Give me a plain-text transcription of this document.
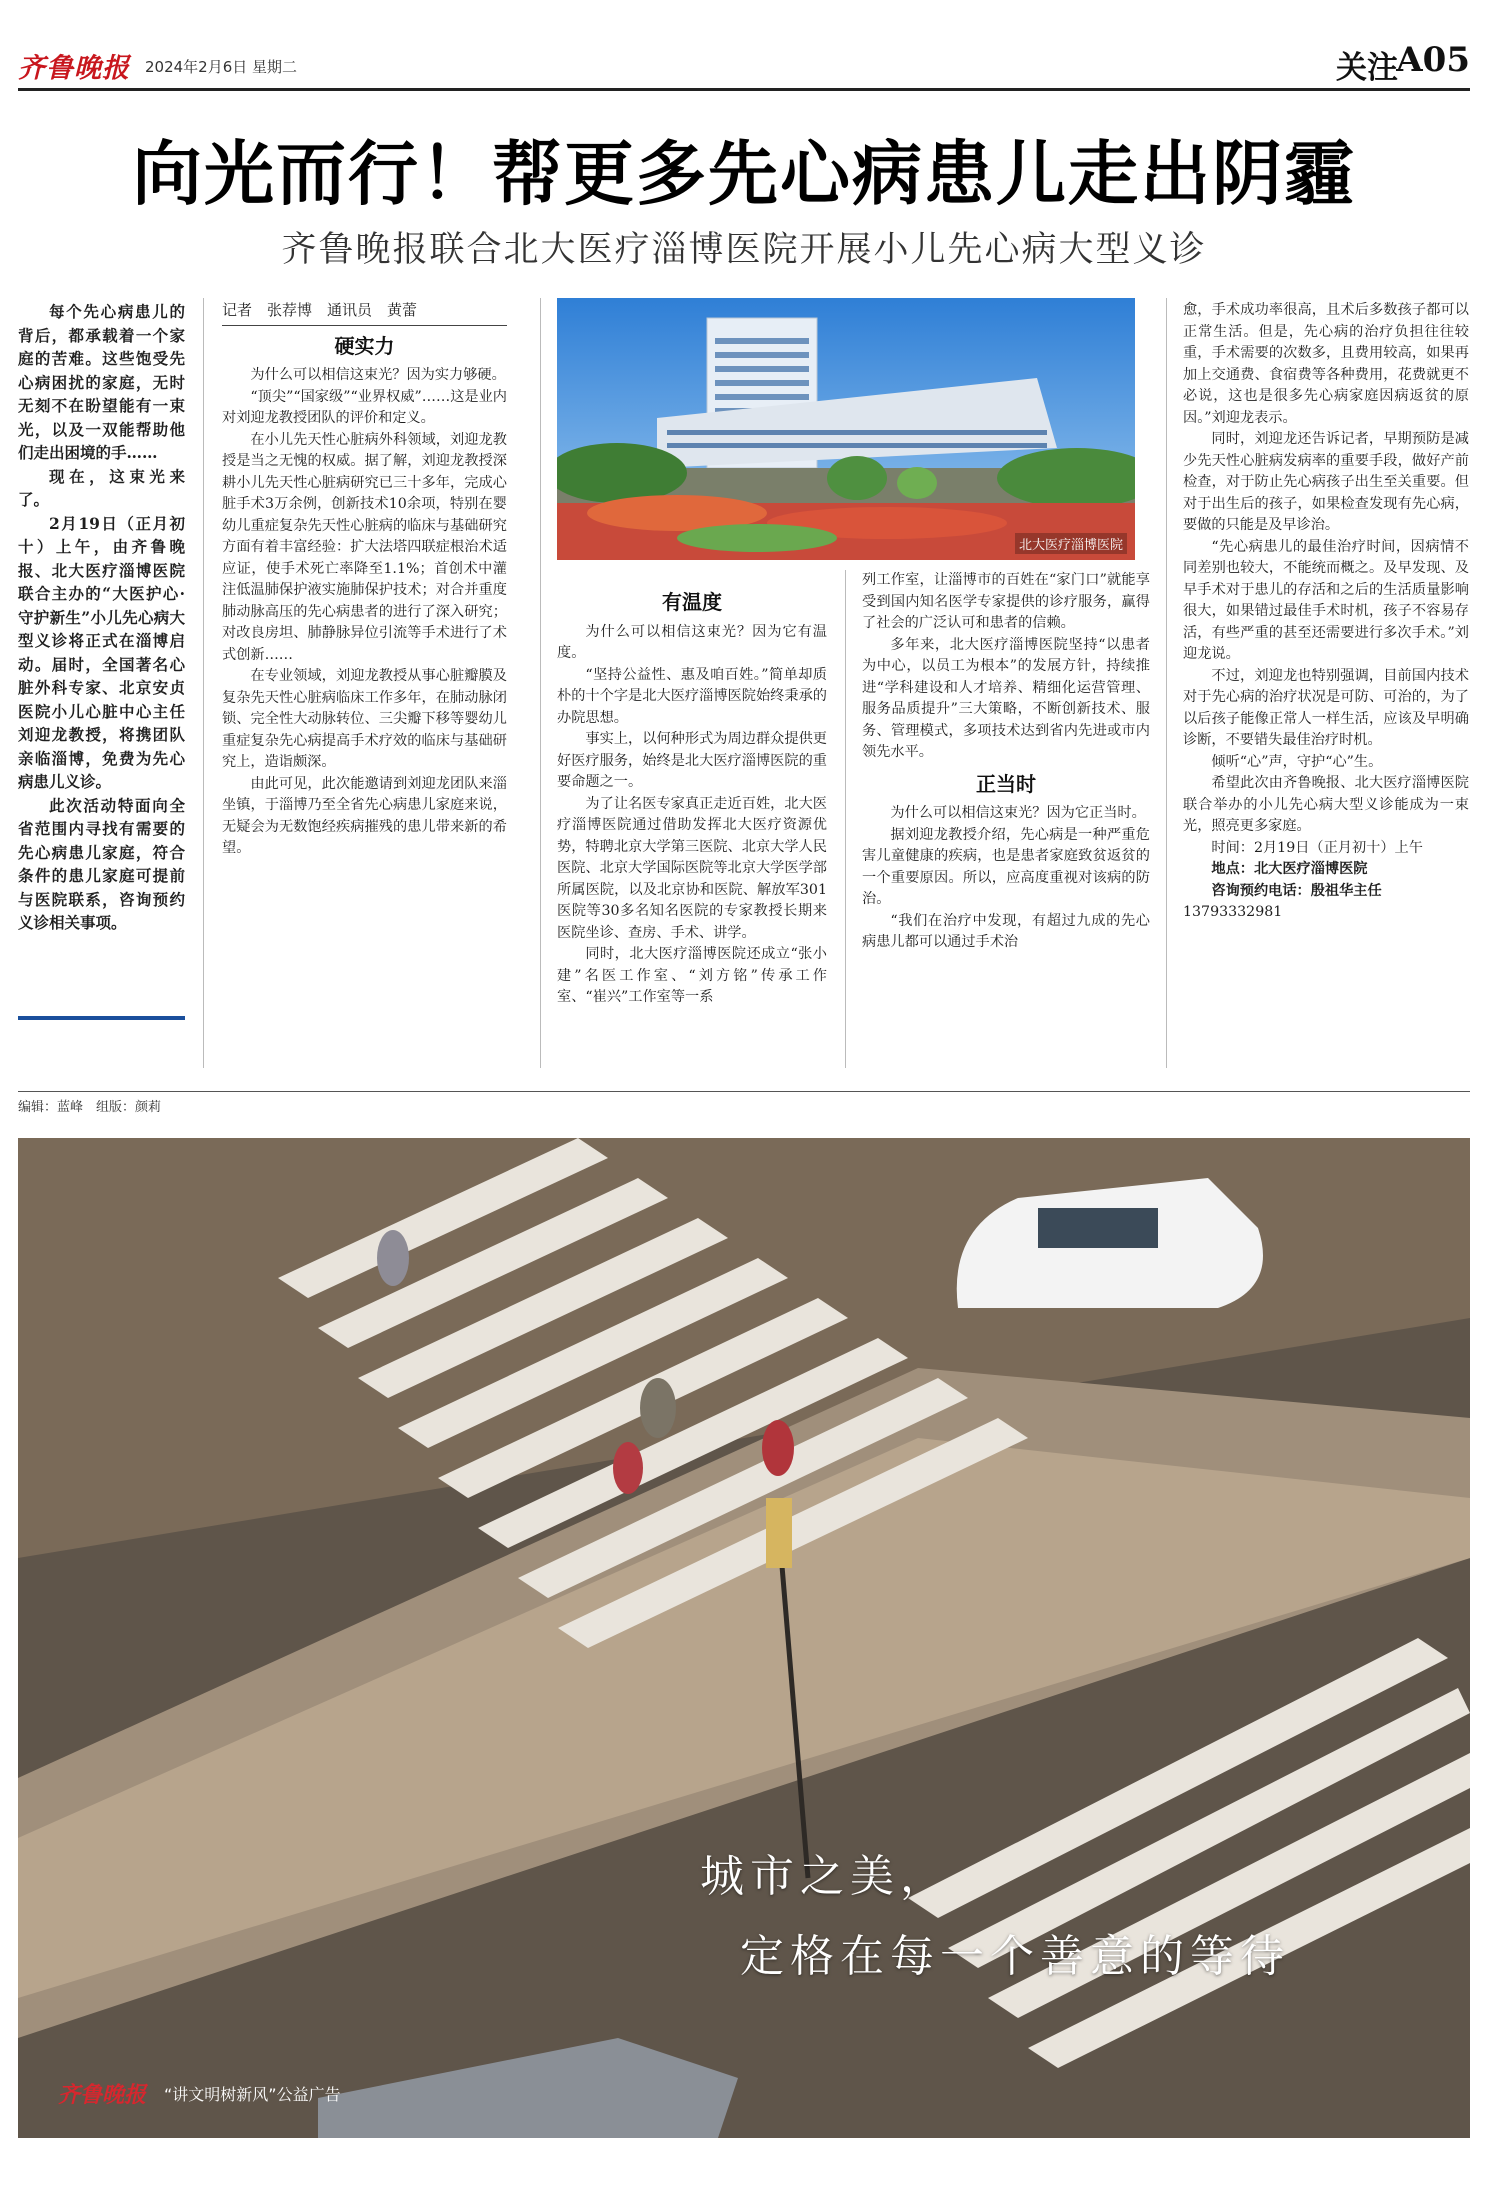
齐鲁晚报 2024年2月6日 星期二	关注
A05
向光而行！帮更多先心病患儿走出阴霾
齐鲁晚报联合北大医疗淄博医院开展小儿先心病大型义诊

每个先心病患儿的背后，都承载着一个家庭的苦难。这些饱受先心病困扰的家庭，无时无刻不在盼望能有一束光，以及一双能帮助他们走出困境的手……

现在，这束光来了。

2月19日（正月初十）上午，由齐鲁晚报、北大医疗淄博医院联合主办的“大医护心·守护新生”小儿先心病大型义诊将正式在淄博启动。届时，全国著名心脏外科专家、北京安贞医院小儿心脏中心主任刘迎龙教授，将携团队亲临淄博，免费为先心病患儿义诊。

此次活动特面向全省范围内寻找有需要的先心病患儿家庭，符合条件的患儿家庭可提前与医院联系，咨询预约义诊相关事项。

记者　张荐博　通讯员　黄蕾

硬实力

为什么可以相信这束光？因为实力够硬。

“顶尖”“国家级”“业界权威”……这是业内对刘迎龙教授团队的评价和定义。

在小儿先天性心脏病外科领域，刘迎龙教授是当之无愧的权威。据了解，刘迎龙教授深耕小儿先天性心脏病研究已三十多年，完成心脏手术3万余例，创新技术10余项，特别在婴幼儿重症复杂先天性心脏病的临床与基础研究方面有着丰富经验：扩大法塔四联症根治术适应证，使手术死亡率降至1.1%；首创术中灌注低温肺保护液实施肺保护技术；对合并重度肺动脉高压的先心病患者的进行了深入研究；对改良房坦、肺静脉异位引流等手术进行了术式创新……

在专业领域，刘迎龙教授从事心脏瓣膜及复杂先天性心脏病临床工作多年，在肺动脉闭锁、完全性大动脉转位、三尖瓣下移等婴幼儿重症复杂先心病提高手术疗效的临床与基础研究上，造诣颇深。

由此可见，此次能邀请到刘迎龙团队来淄坐镇，于淄博乃至全省先心病患儿家庭来说，无疑会为无数饱经疾病摧残的患儿带来新的希望。

北大医疗淄博医院
有温度

为什么可以相信这束光？因为它有温度。

“坚持公益性、惠及咱百姓。”简单却质朴的十个字是北大医疗淄博医院始终秉承的办院思想。

事实上，以何种形式为周边群众提供更好医疗服务，始终是北大医疗淄博医院的重要命题之一。

为了让名医专家真正走近百姓，北大医疗淄博医院通过借助发挥北大医疗资源优势，特聘北京大学第三医院、北京大学人民医院、北京大学国际医院等北京大学医学部所属医院，以及北京协和医院、解放军301医院等30多名知名医院的专家教授长期来医院坐诊、查房、手术、讲学。

同时，北大医疗淄博医院还成立“张小建”名医工作室、“刘方铭”传承工作室、“崔兴”工作室等一系

列工作室，让淄博市的百姓在“家门口”就能享受到国内知名医学专家提供的诊疗服务，赢得了社会的广泛认可和患者的信赖。

多年来，北大医疗淄博医院坚持“以患者为中心，以员工为根本”的发展方针，持续推进“学科建设和人才培养、精细化运营管理、服务品质提升”三大策略，不断创新技术、服务、管理模式，多项技术达到省内先进或市内领先水平。

正当时

为什么可以相信这束光？因为它正当时。

据刘迎龙教授介绍，先心病是一种严重危害儿童健康的疾病，也是患者家庭致贫返贫的一个重要原因。所以，应高度重视对该病的防治。

“我们在治疗中发现，有超过九成的先心病患儿都可以通过手术治

愈，手术成功率很高，且术后多数孩子都可以正常生活。但是，先心病的治疗负担往往较重，手术需要的次数多，且费用较高，如果再加上交通费、食宿费等各种费用，花费就更不必说，这也是很多先心病家庭因病返贫的原因。”刘迎龙表示。

同时，刘迎龙还告诉记者，早期预防是减少先天性心脏病发病率的重要手段，做好产前检查，对于防止先心病孩子出生至关重要。但对于出生后的孩子，如果检查发现有先心病，要做的只能是及早诊治。

“先心病患儿的最佳治疗时间，因病情不同差别也较大，不能统而概之。及早发现、及早手术对于患儿的存活和之后的生活质量影响很大，如果错过最佳手术时机，孩子不容易存活，有些严重的甚至还需要进行多次手术。”刘迎龙说。

不过，刘迎龙也特别强调，目前国内技术对于先心病的治疗状况是可防、可治的，为了以后孩子能像正常人一样生活，应该及早明确诊断，不要错失最佳治疗时机。

倾听“心”声，守护“心”生。

希望此次由齐鲁晚报、北大医疗淄博医院联合举办的小儿先心病大型义诊能成为一束光，照亮更多家庭。

时间：2月19日（正月初十）上午

地点：北大医疗淄博医院

咨询预约电话：殷祖华主任

13793332981

编辑：蓝峰　组版：颜莉
城市之美，
定格在每一个善意的等待
齐鲁晚报 “讲文明树新风”公益广告
